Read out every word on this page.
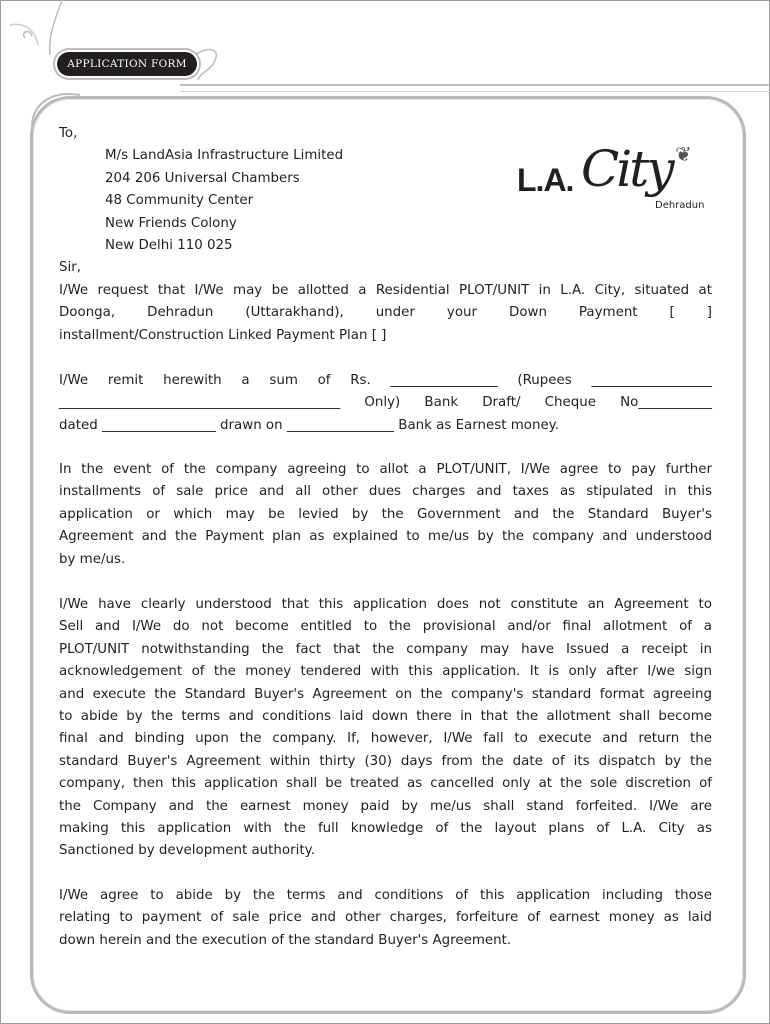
APPLICATION FORM
L.A. City ❦
Dehradun
To,
M/s LandAsia Infrastructure Limited
204 206 Universal Chambers
48 Community Center
New Friends Colony
New Delhi 110 025
Sir,
I/We request that I/We may be allotted a Residential PLOT/UNIT in L.A. City, situated at
Doonga, Dehradun (Uttarakhand), under your Down Payment [ ]
installment/Construction Linked Payment Plan [ ]
I/We remit herewith a sum of Rs. ________________ (Rupees __________________
__________________________________________ Only) Bank Draft/ Cheque No___________
dated _________________ drawn on ________________ Bank as Earnest money.
In the event of the company agreeing to allot a PLOT/UNIT, I/We agree to pay further
installments of sale price and all other dues charges and taxes as stipulated in this
application or which may be levied by the Government and the Standard Buyer's
Agreement and the Payment plan as explained to me/us by the company and understood
by me/us.
I/We have clearly understood that this application does not constitute an Agreement to
Sell and I/We do not become entitled to the provisional and/or final allotment of a
PLOT/UNIT notwithstanding the fact that the company may have Issued a receipt in
acknowledgement of the money tendered with this application. It is only after I/we sign
and execute the Standard Buyer's Agreement on the company's standard format agreeing
to abide by the terms and conditions laid down there in that the allotment shall become
final and binding upon the company. If, however, I/We fall to execute and return the
standard Buyer's Agreement within thirty (30) days from the date of its dispatch by the
company, then this application shall be treated as cancelled only at the sole discretion of
the Company and the earnest money paid by me/us shall stand forfeited. I/We are
making this application with the full knowledge of the layout plans of L.A. City as
Sanctioned by development authority.
I/We agree to abide by the terms and conditions of this application including those
relating to payment of sale price and other charges, forfeiture of earnest money as laid
down herein and the execution of the standard Buyer's Agreement.
